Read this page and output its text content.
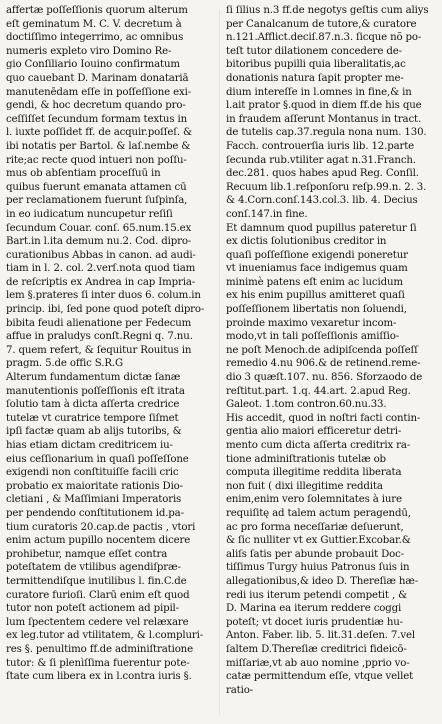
affertæ poſſeſſionis quorum alterum
eſt geminatum M. C. V. decretum à
doctiſſimo integerrimo, ac omnibus
numeris expleto viro Domino Re-
gio Conſiliario Iouino confirmatum
quo cauebant D. Marinam donatariā
manutenēdam eſſe in poſſeſſione exi-
gendi, & hoc decretum quando pro-
ceſſiſſet ſecundum formam textus in
l. iuxte poſſidet ff. de acquir.poſſeſ. &
ibi notatis per Bartol. & laſ.nembe &
rite;ac recte quod intueri non poſſu-
mus ob abſentiam proceſſuū in
quibus fuerunt emanata attamen cū
per reclamationem fuerunt ſuſpinſa,
in eo iudicatum nuncupetur reſiſi
ſecundum Couar. conſ. 65.num.15.ex
Bart.in l.ita demum nu.2. Cod. dipro-
curationibus Abbas in canon. ad audi-
tiam in l. 2. col. 2.verſ.nota quod tiam
de reſcriptis ex Andrea in cap Impria-
lem §.prateres ſi inter duos 6. colum.in
princip. ibi, ſed pone quod poteſt dipro-
bibita feudi alienatione per Fedecum
affue in praludys conſt.Regni q. 7.nu.
7. quem refert, & ſequitur Rouitus in
pragm. 5.de offic S.R.G
Alterum fundamentum dictæ ſanæ
manutentionis poſſeſſionis eſt itrata
ſolutio tam à dicta aſſerta credrice
tutelæ vt curatrice tempore ſiſmet
ipſi factæ quam ab alijs tutoribs, &
hias etiam dictam creditricem iu-
eius ceſſionarium in quaſi poſſeſſone
exigendi non conſtituiſſe facili cric
probatio ex maioritate rationis Dio-
cletiani , & Maſſimiani Imperatoris
per pendendo conſtitutionem id.pa-
tium curatoris 20.cap.de pactis , vtori
enim actum pupillo nocentem dicere
prohibetur, namque eſſet contra
poteſtatem de vtilibus agendiſpræ-
termittendiſque inutilibus l. fin.C.de
curatore furioſi. Clarū enim eſt quod
tutor non poteſt actionem ad pipil-
lum ſpectentem cedere vel relæxare
ex leg.tutor ad vtilitatem, & l.compluri-
res §. penultimo ff.de adminiſtratione
tutor: & ſi plenìſſima fuerentur pote-
ſtate cum libera ex in l.contra iuris §.
ſi ſilius n.3 ff.de negotys geſtis cum aliys
per Canalcanum de tutore,& curatore
n.121.Afflict.deciſ.87.n.3. ſicque nõ po-
teſt tutor dilationem concedere de-
bitoribus pupilli quia liberalitatis,ac
donationis natura ſapit propter me-
dium intereſſe in l.omnes in fine,& in
l.ait prator §.quod in diem ff.de his que
in fraudem aſſerunt Montanus in tract.
de tutelis cap.37.regula nona num. 130.
Facch. controuerſia iuris lib. 12.parte
ſecunda rub.vtiliter agat n.31.Franch.
dec.281. quos habes apud Reg. Conſil.
Recuum lib.1.reſponſoru reſp.99.n. 2. 3.
& 4.Corn.conſ.143.col.3. lib. 4. Decius
conſ.147.in fine.
Et damnum quod pupillus pateretur ſi
ex dictis ſolutionibus creditor in
quaſi poſſeſſione exigendi poneretur
vt inueniamus face indigemus quam
minimè patens eſt enim ac lucidum
ex his enim pupillus amitteret quaſi
poſſeſſionem libertatis non ſoluendi,
proinde maximo vexaretur incom-
modo,vt in tali poſſeſſionis amiſſio-
ne poſt Menoch.de adipiſcenda poſſeſſ
remedio 4.nu 906.& de retinend.reme-
dio 3 quæſt.107. nu. 856. Sforzaodo de
reſtitut.part. 1.q. 44.art. 2.apud Reg.
Galeot. 1.tom contron.60.nu.33.
His accedit, quod in noſtri facti contin-
gentia alio maiori efficeretur detri-
mento cum dicta aſſerta creditrix ra-
tione adminiſtrationis tutelæ ob
computa illegitime reddita liberata
non fuit ( dixi illegitime reddita
enim,enim vero ſolemnitates à iure
requiſitę ad talem actum peragendū,
ac pro forma neceſſariæ deſuerunt,
& ſic nulliter vt ex Guttier.Excobar.&
aliſs ſatis per abunde probauit Doc-
tiſſimus Turgy huius Patronus ſuis in
allegationibus,& ideo D. Thereſiæ hæ-
redi ius iterum petendi competit , &
D. Marina ea iterum reddere coggi
poteſt; vt docet iuris prudentiæ hu-
Anton. Faber. lib. 5. lit.31.deſen. 7.vel
ſaltem D.Thereſiæ creditrici fideicō-
miſſariæ,vt ab auo nomine ,pprio vo-
catæ permittendum eſſe, vtque vellet
ratio-
